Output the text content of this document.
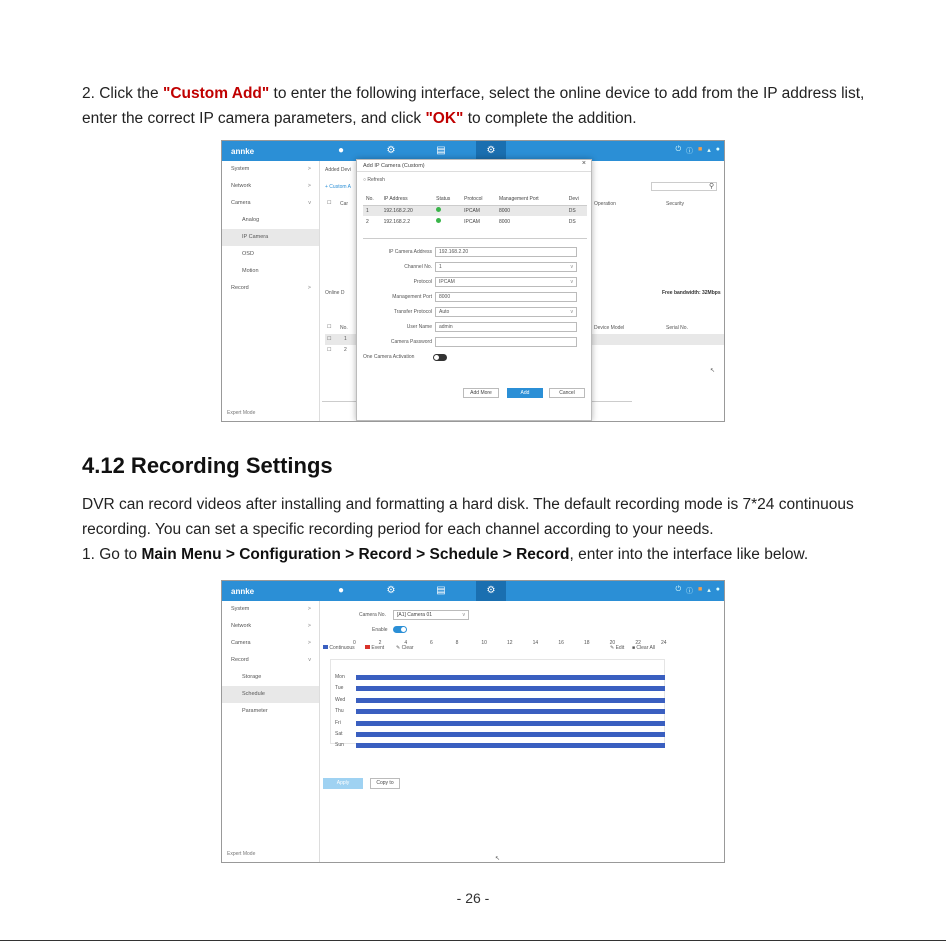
2. Click the "Custom Add" to enter the following interface, select the online device to add from the IP address list, enter the correct IP camera parameters, and click "OK" to complete the addition.
annke	●	⚙	▤	⚙	⏻ ⓘ ■ ▴ ●
System	>
Network	>
Camera	v
Analog
IP Camera
OSD
Motion
Record	>
Expert Mode
Added Devi
+ Custom A
☐ Car	Operation	Security
⚲
Online D	Free bandwidth: 32Mbps
☐ No.	Device Model	Serial No.
☐	1
☐	2
↖
Add IP Camera (Custom)	×
○ Refresh
No.	IP Address	Status	Protocol	Management Port	Devi
1	192.168.2.20		IPCAM	8000	DS
2	192.168.2.2		IPCAM	8000	DS
IP Camera Address	192.168.2.20
Channel No.	1	v
Protocol	IPCAM	v
Management Port	8000
Transfer Protocol	Auto	v
User Name	admin
Camera Password
One Camera Activation
Add More	Add	Cancel
4.12 Recording Settings
DVR can record videos after installing and formatting a hard disk. The default recording mode is 7*24 continuous recording. You can set a specific recording period for each channel according to your needs.
1. Go to Main Menu > Configuration > Record > Schedule > Record, enter into the interface like below.
annke	●	⚙	▤	⚙	⏻ ⓘ ■ ▴ ●
System	>
Network	>
Camera	>
Record	v
Storage
Schedule
Parameter
Expert Mode
Camera No.	[A1] Camera 01	v
Enable
Continuous	Event ✎ Clear	✎ Edit ■ Clear All
0	2	4	6	8	10	12	14	16	18	20	22	24
Mon
Tue
Wed
Thu
Fri
Sat
Sun
Apply	Copy to
↖
- 26 -
